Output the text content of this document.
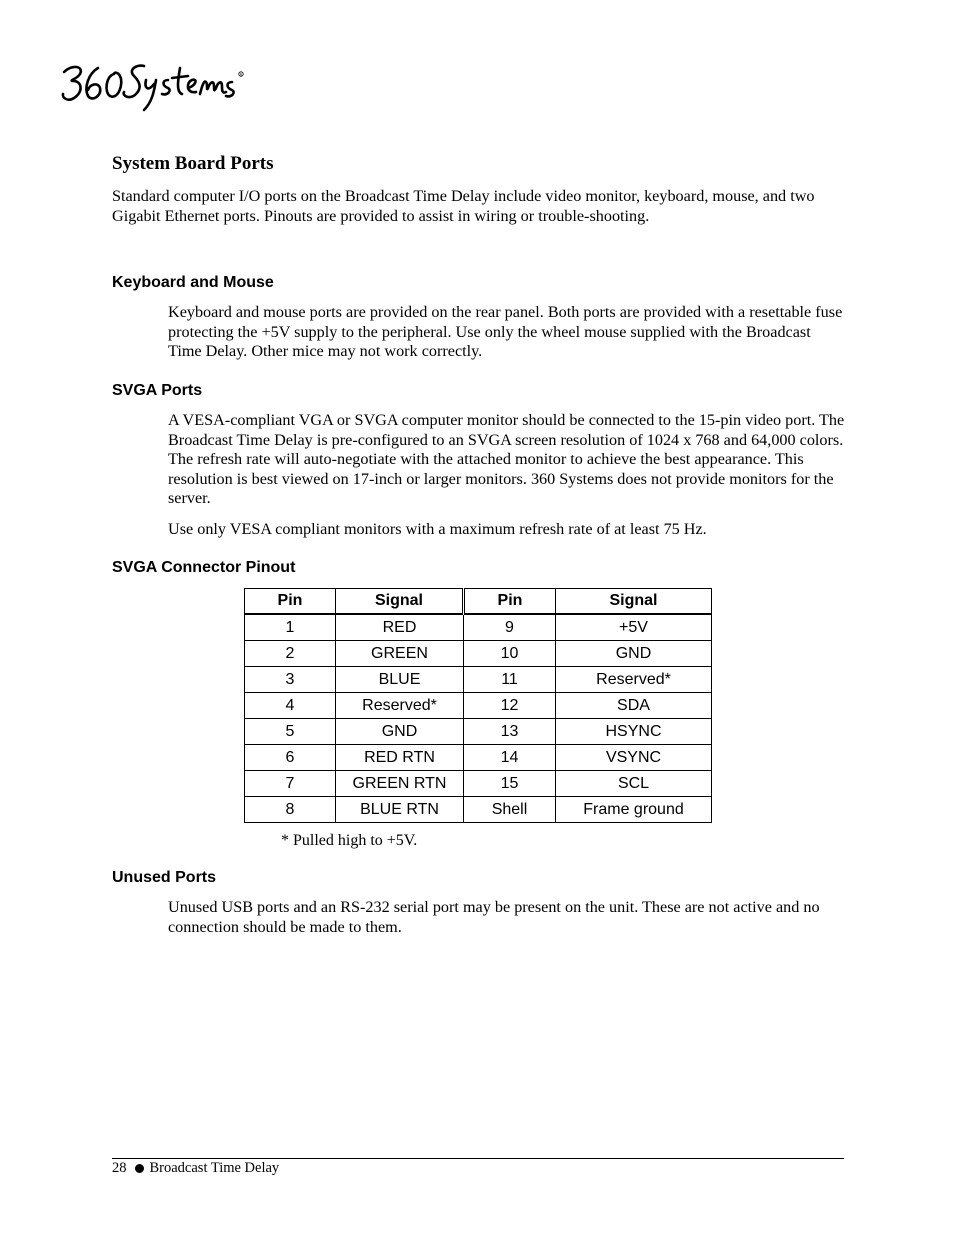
R
System Board Ports

Standard computer I/O ports on the Broadcast Time Delay include video monitor, keyboard, mouse, and two Gigabit Ethernet ports. Pinouts are provided to assist in wiring or trouble-shooting.

Keyboard and Mouse

Keyboard and mouse ports are provided on the rear panel. Both ports are provided with a resettable fuse protecting the +5V supply to the peripheral. Use only the wheel mouse supplied with the Broadcast Time Delay. Other mice may not work correctly.

SVGA Ports

A VESA-compliant VGA or SVGA computer monitor should be connected to the 15-pin video port. The Broadcast Time Delay is pre-configured to an SVGA screen resolution of 1024 x 768 and 64,000 colors. The refresh rate will auto-negotiate with the attached monitor to achieve the best appearance. This resolution is best viewed on 17-inch or larger monitors. 360 Systems does not provide monitors for the server.

Use only VESA compliant monitors with a maximum refresh rate of at least 75 Hz.

SVGA Connector Pinout
Pin	Signal	Pin	Signal
1	RED	9	+5V
2	GREEN	10	GND
3	BLUE	11	Reserved*
4	Reserved*	12	SDA
5	GND	13	HSYNC
6	RED RTN	14	VSYNC
7	GREEN RTN	15	SCL
8	BLUE RTN	Shell	Frame ground

* Pulled high to +5V.

Unused Ports

Unused USB ports and an RS-232 serial port may be present on the unit. These are not active and no connection should be made to them.

28 Broadcast Time Delay
